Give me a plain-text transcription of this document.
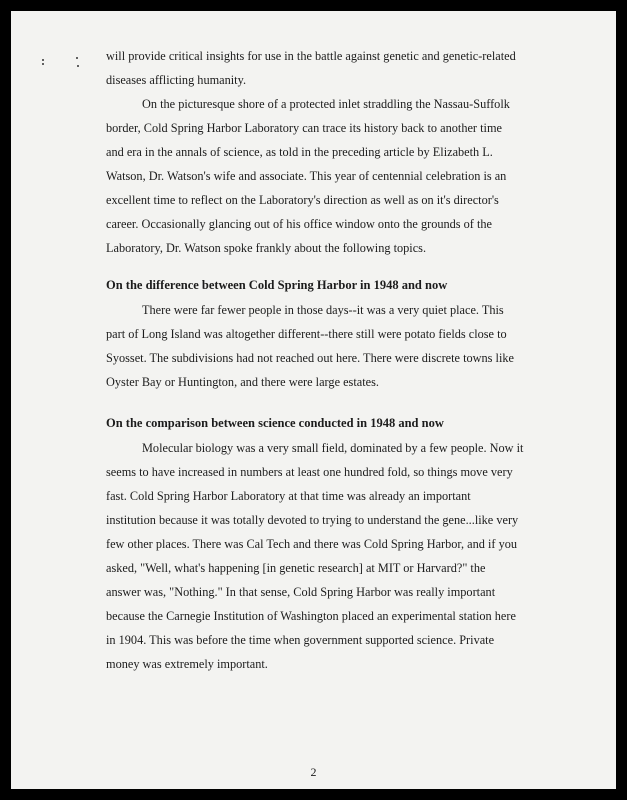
will provide critical insights for use in the battle against genetic and genetic-related

diseases afflicting humanity.

On the picturesque shore of a protected inlet straddling the Nassau-Suffolk

border, Cold Spring Harbor Laboratory can trace its history back to another time

and era in the annals of science, as told in the preceding article by Elizabeth L.

Watson, Dr. Watson's wife and associate. This year of centennial celebration is an

excellent time to reflect on the Laboratory's direction as well as on it's director's

career. Occasionally glancing out of his office window onto the grounds of the

Laboratory, Dr. Watson spoke frankly about the following topics.

On the difference between Cold Spring Harbor in 1948 and now

There were far fewer people in those days--it was a very quiet place. This

part of Long Island was altogether different--there still were potato fields close to

Syosset. The subdivisions had not reached out here. There were discrete towns like

Oyster Bay or Huntington, and there were large estates.

On the comparison between science conducted in 1948 and now

Molecular biology was a very small field, dominated by a few people. Now it

seems to have increased in numbers at least one hundred fold, so things move very

fast. Cold Spring Harbor Laboratory at that time was already an important

institution because it was totally devoted to trying to understand the gene...like very

few other places. There was Cal Tech and there was Cold Spring Harbor, and if you

asked, "Well, what's happening [in genetic research] at MIT or Harvard?" the

answer was, "Nothing." In that sense, Cold Spring Harbor was really important

because the Carnegie Institution of Washington placed an experimental station here

in 1904. This was before the time when government supported science. Private

money was extremely important.

2
